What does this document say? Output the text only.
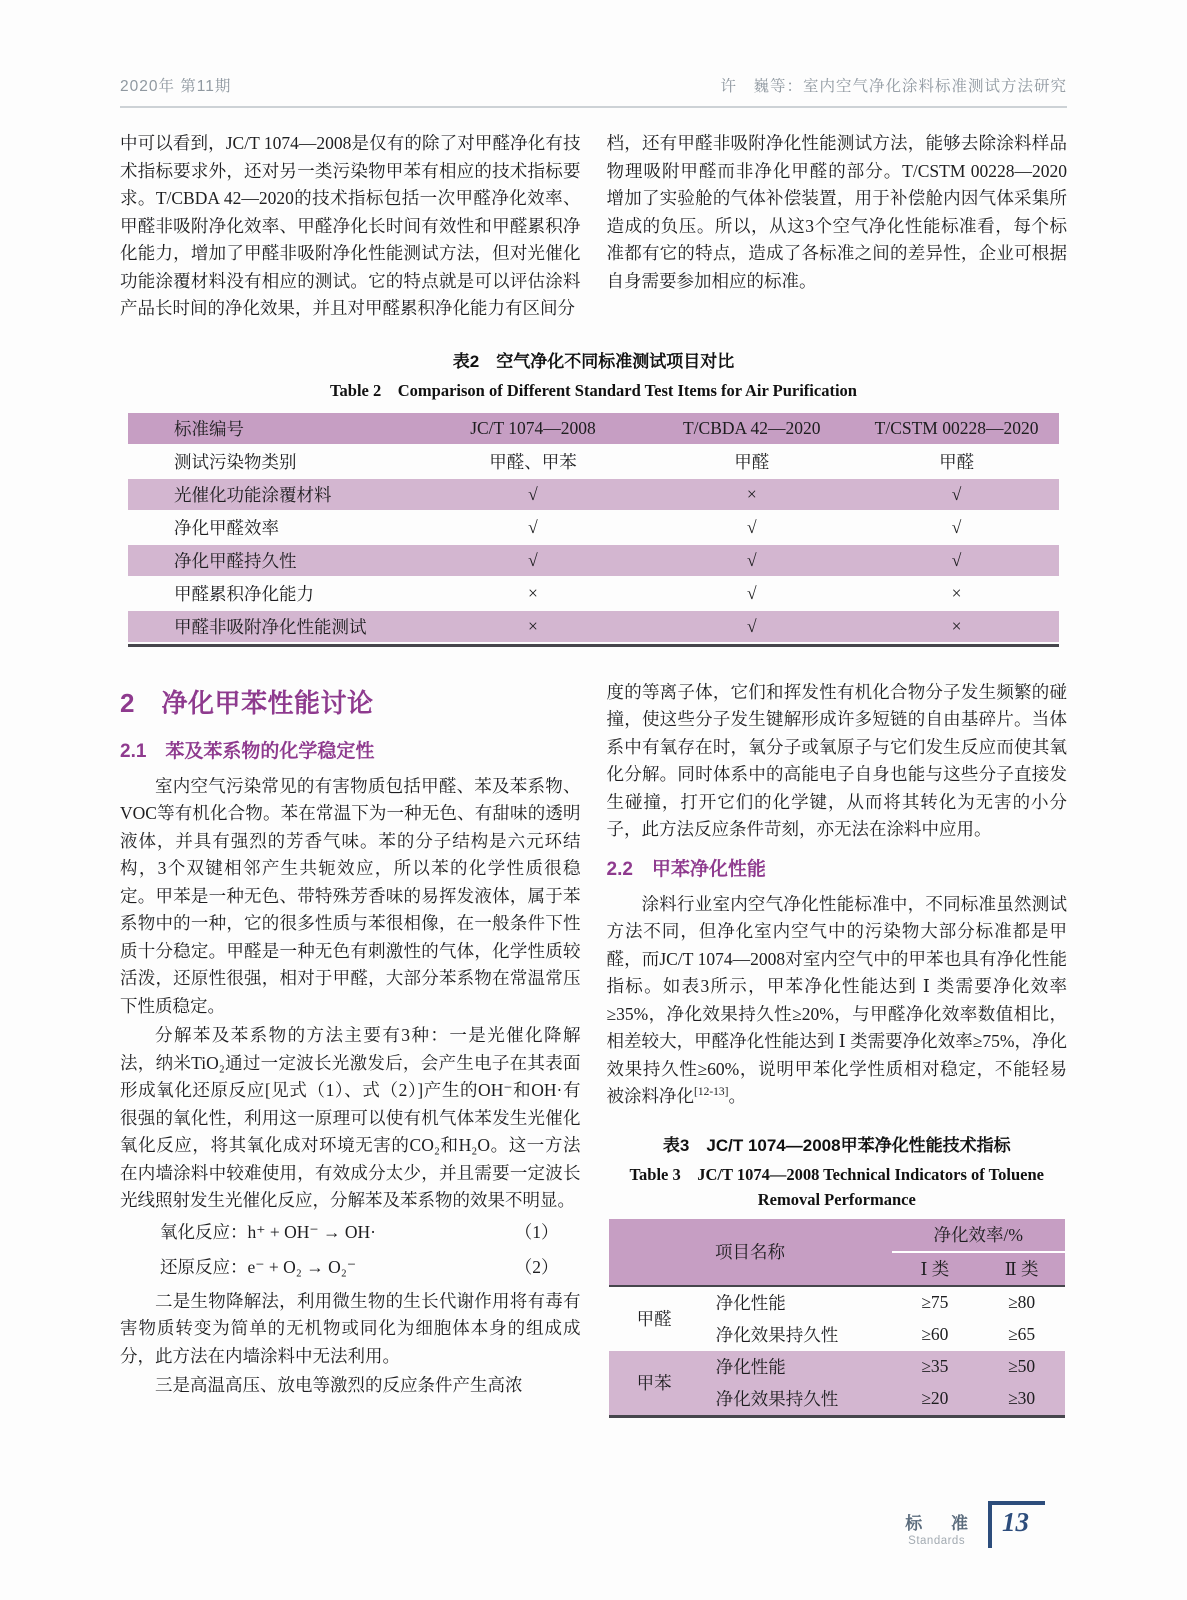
2020年 第11期	许　巍等：室内空气净化涂料标准测试方法研究

中可以看到，JC/T 1074—2008是仅有的除了对甲醛净化有技术指标要求外，还对另一类污染物甲苯有相应的技术指标要求。T/CBDA 42—2020的技术指标包括一次甲醛净化效率、甲醛非吸附净化效率、甲醛净化长时间有效性和甲醛累积净化能力，增加了甲醛非吸附净化性能测试方法，但对光催化功能涂覆材料没有相应的测试。它的特点就是可以评估涂料产品长时间的净化效果，并且对甲醛累积净化能力有区间分

档，还有甲醛非吸附净化性能测试方法，能够去除涂料样品物理吸附甲醛而非净化甲醛的部分。T/CSTM 00228—2020增加了实验舱的气体补偿装置，用于补偿舱内因气体采集所造成的负压。所以，从这3个空气净化性能标准看，每个标准都有它的特点，造成了各标准之间的差异性，企业可根据自身需要参加相应的标准。

表2　空气净化不同标准测试项目对比
Table 2　Comparison of Different Standard Test Items for Air Purification
标准编号	JC/T 1074—2008	T/CBDA 42—2020	T/CSTM 00228—2020
测试污染物类别	甲醛、甲苯	甲醛	甲醛
光催化功能涂覆材料	√	×	√
净化甲醛效率	√	√	√
净化甲醛持久性	√	√	√
甲醛累积净化能力	×	√	×
甲醛非吸附净化性能测试	×	√	×
2　净化甲苯性能讨论
2.1　苯及苯系物的化学稳定性

室内空气污染常见的有害物质包括甲醛、苯及苯系物、VOC等有机化合物。苯在常温下为一种无色、有甜味的透明液体，并具有强烈的芳香气味。苯的分子结构是六元环结构，3个双键相邻产生共轭效应，所以苯的化学性质很稳定。甲苯是一种无色、带特殊芳香味的易挥发液体，属于苯系物中的一种，它的很多性质与苯很相像，在一般条件下性质十分稳定。甲醛是一种无色有刺激性的气体，化学性质较活泼，还原性很强，相对于甲醛，大部分苯系物在常温常压下性质稳定。

分解苯及苯系物的方法主要有3种：一是光催化降解法，纳米TiO₂通过一定波长光激发后，会产生电子在其表面形成氧化还原反应[见式（1）、式（2）]产生的OH⁻和OH·有很强的氧化性，利用这一原理可以使有机气体苯发生光催化氧化反应，将其氧化成对环境无害的CO₂和H₂O。这一方法在内墙涂料中较难使用，有效成分太少，并且需要一定波长光线照射发生光催化反应，分解苯及苯系物的效果不明显。

氧化反应：h⁺ + OH⁻ → OH·	（1）
还原反应：e⁻ + O₂ → O₂⁻	（2）

二是生物降解法，利用微生物的生长代谢作用将有毒有害物质转变为简单的无机物或同化为细胞体本身的组成成分，此方法在内墙涂料中无法利用。

三是高温高压、放电等激烈的反应条件产生高浓

度的等离子体，它们和挥发性有机化合物分子发生频繁的碰撞，使这些分子发生键解形成许多短链的自由基碎片。当体系中有氧存在时，氧分子或氧原子与它们发生反应而使其氧化分解。同时体系中的高能电子自身也能与这些分子直接发生碰撞，打开它们的化学键，从而将其转化为无害的小分子，此方法反应条件苛刻，亦无法在涂料中应用。

2.2　甲苯净化性能

涂料行业室内空气净化性能标准中，不同标准虽然测试方法不同，但净化室内空气中的污染物大部分标准都是甲醛，而JC/T 1074—2008对室内空气中的甲苯也具有净化性能指标。如表3所示，甲苯净化性能达到 Ⅰ 类需要净化效率≥35%，净化效果持久性≥20%，与甲醛净化效率数值相比，相差较大，甲醛净化性能达到 Ⅰ 类需要净化效率≥75%，净化效果持久性≥60%，说明甲苯化学性质相对稳定，不能轻易被涂料净化[12-13]。

表3　JC/T 1074—2008甲苯净化性能技术指标
Table 3　JC/T 1074—2008 Technical Indicators of Toluene
Removal Performance
项目名称		净化效率/%	
		Ⅰ 类	Ⅱ 类
甲醛	净化性能	≥75	≥80
	净化效果持久性	≥60	≥65
甲苯	净化性能	≥35	≥50
	净化效果持久性	≥20	≥30
标 准
Standards
13
